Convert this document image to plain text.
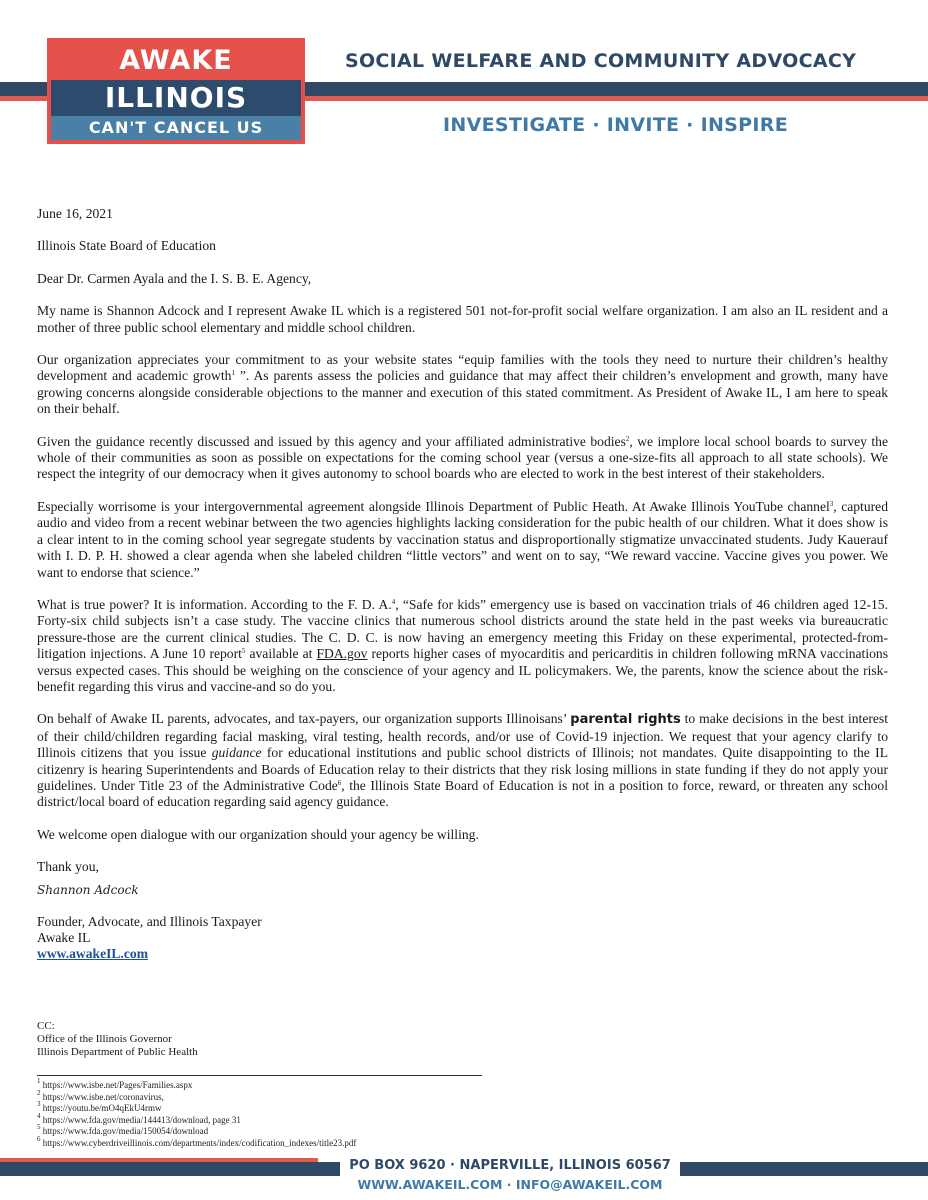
AWAKE
ILLINOIS
CAN'T CANCEL US
SOCIAL WELFARE AND COMMUNITY ADVOCACY
INVESTIGATE · INVITE · INSPIRE

June 16, 2021

Illinois State Board of Education

Dear Dr. Carmen Ayala and the I. S. B. E. Agency,

My name is Shannon Adcock and I represent Awake IL which is a registered 501 not-for-profit social welfare organization. I am also an IL resident and a mother of three public school elementary and middle school children.

Our organization appreciates your commitment to as your website states “equip families with the tools they need to nurture their children’s healthy development and academic growth$^1$ ”. As parents assess the policies and guidance that may affect their children’s envelopment and growth, many have growing concerns alongside considerable objections to the manner and execution of this stated commitment. As President of Awake IL, I am here to speak on their behalf.

Given the guidance recently discussed and issued by this agency and your affiliated administrative bodies$^2$, we implore local school boards to survey the whole of their communities as soon as possible on expectations for the coming school year (versus a one-size-fits all approach to all state schools). We respect the integrity of our democracy when it gives autonomy to school boards who are elected to work in the best interest of their stakeholders.

Especially worrisome is your intergovernmental agreement alongside Illinois Department of Public Heath. At Awake Illinois YouTube channel$^3$, captured audio and video from a recent webinar between the two agencies highlights lacking consideration for the pubic health of our children. What it does show is a clear intent to in the coming school year segregate students by vaccination status and disproportionally stigmatize unvaccinated students. Judy Kauerauf with I. D. P. H. showed a clear agenda when she labeled children “little vectors” and went on to say, “We reward vaccine. Vaccine gives you power. We want to endorse that science.”

What is true power? It is information. According to the F. D. A.$^4$, “Safe for kids” emergency use is based on vaccination trials of 46 children aged 12-15. Forty-six child subjects isn’t a case study. The vaccine clinics that numerous school districts around the state held in the past weeks via bureaucratic pressure-those are the current clinical studies. The C. D. C. is now having an emergency meeting this Friday on these experimental, protected-from-litigation injections. A June 10 report$^5$ available at FDA.gov reports higher cases of myocarditis and pericarditis in children following mRNA vaccinations versus expected cases. This should be weighing on the conscience of your agency and IL policymakers. We, the parents, know the science about the risk-benefit regarding this virus and vaccine-and so do you.

On behalf of Awake IL parents, advocates, and tax-payers, our organization supports Illinoisans’ parental rights to make decisions in the best interest of their child/children regarding facial masking, viral testing, health records, and/or use of Covid-19 injection. We request that your agency clarify to Illinois citizens that you issue guidance for educational institutions and public school districts of Illinois; not mandates. Quite disappointing to the IL citizenry is hearing Superintendents and Boards of Education relay to their districts that they risk losing millions in state funding if they do not apply your guidelines. Under Title 23 of the Administrative Code$^6$, the Illinois State Board of Education is not in a position to force, reward, or threaten any school district/local board of education regarding said agency guidance.

We welcome open dialogue with our organization should your agency be willing.

Thank you,

Shannon Adcock

Founder, Advocate, and Illinois Taxpayer
Awake IL
www.awakeIL.com
CC:
Office of the Illinois Governor
Illinois Department of Public Health
$^1$ https://www.isbe.net/Pages/Families.aspx
$^2$ https://www.isbe.net/coronavirus,
$^3$ https://youtu.be/mO4qEkU4rmw
$^4$ https://www.fda.gov/media/144413/download, page 31
$^5$ https://www.fda.gov/media/150054/download
$^6$ https://www.cyberdriveillinois.com/departments/index/codification_indexes/title23.pdf
PO BOX 9620 · NAPERVILLE, ILLINOIS 60567
WWW.AWAKEIL.COM · INFO@AWAKEIL.COM
